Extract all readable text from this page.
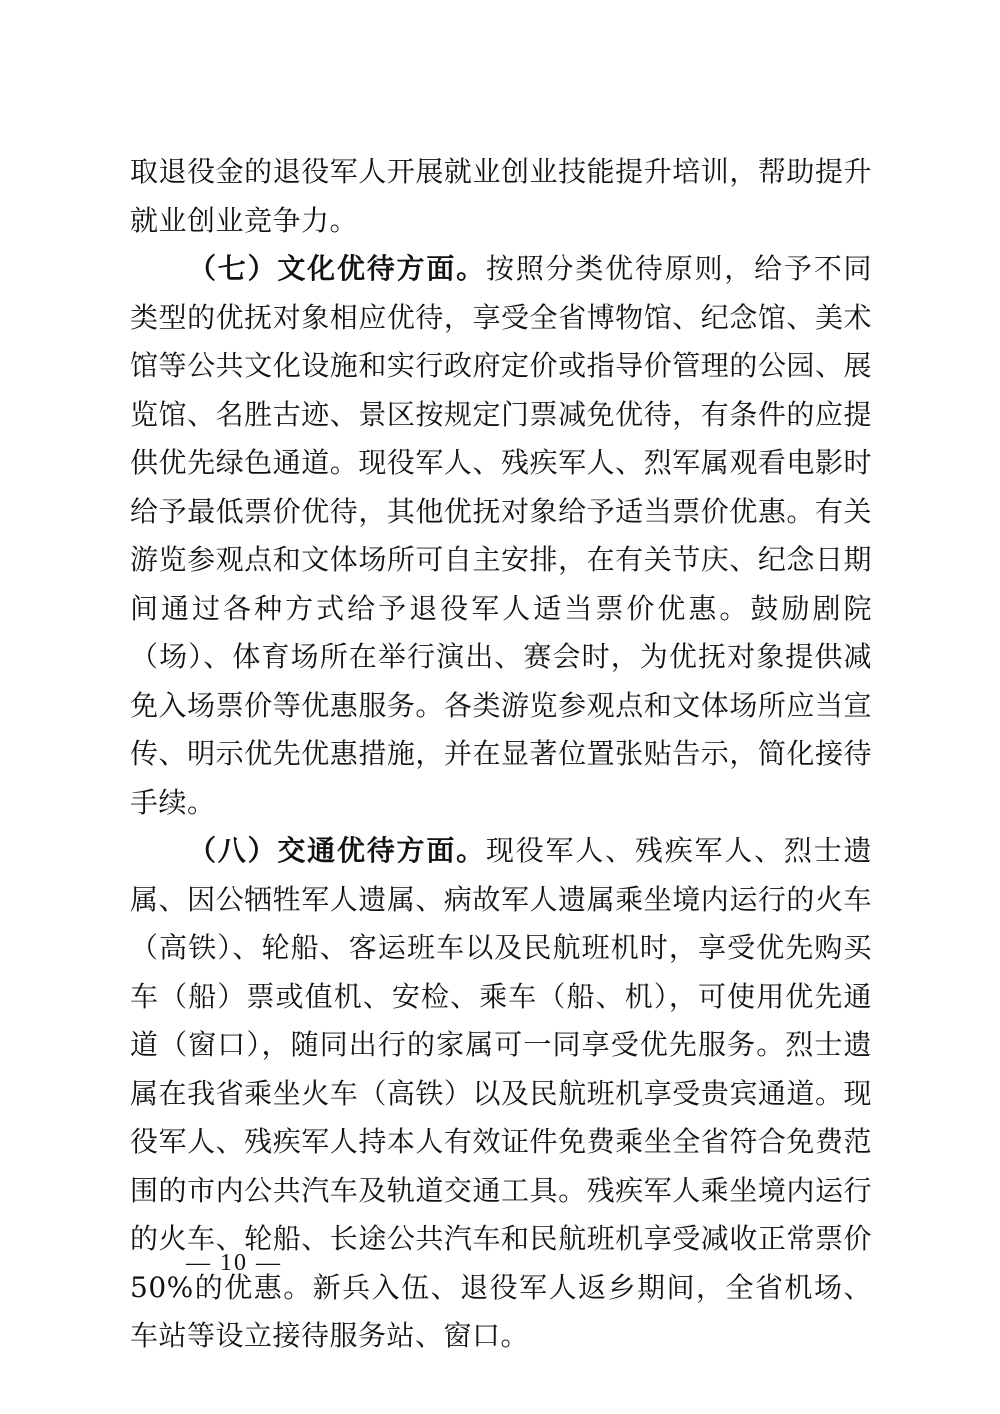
取退役金的退役军人开展就业创业技能提升培训，帮助提升就业创业竞争力。

（七）文化优待方面。按照分类优待原则，给予不同类型的优抚对象相应优待，享受全省博物馆、纪念馆、美术馆等公共文化设施和实行政府定价或指导价管理的公园、展览馆、名胜古迹、景区按规定门票减免优待，有条件的应提供优先绿色通道。现役军人、残疾军人、烈军属观看电影时给予最低票价优待，其他优抚对象给予适当票价优惠。有关游览参观点和文体场所可自主安排，在有关节庆、纪念日期间通过各种方式给予退役军人适当票价优惠。鼓励剧院（场）、体育场所在举行演出、赛会时，为优抚对象提供减免入场票价等优惠服务。各类游览参观点和文体场所应当宣传、明示优先优惠措施，并在显著位置张贴告示，简化接待手续。

（八）交通优待方面。现役军人、残疾军人、烈士遗属、因公牺牲军人遗属、病故军人遗属乘坐境内运行的火车（高铁）、轮船、客运班车以及民航班机时，享受优先购买车（船）票或值机、安检、乘车（船、机），可使用优先通道（窗口），随同出行的家属可一同享受优先服务。烈士遗属在我省乘坐火车（高铁）以及民航班机享受贵宾通道。现役军人、残疾军人持本人有效证件免费乘坐全省符合免费范围的市内公共汽车及轨道交通工具。残疾军人乘坐境内运行的火车、轮船、长途公共汽车和民航班机享受减收正常票价 50%的优惠。新兵入伍、退役军人返乡期间，全省机场、车站等设立接待服务站、窗口。

— 10 —
